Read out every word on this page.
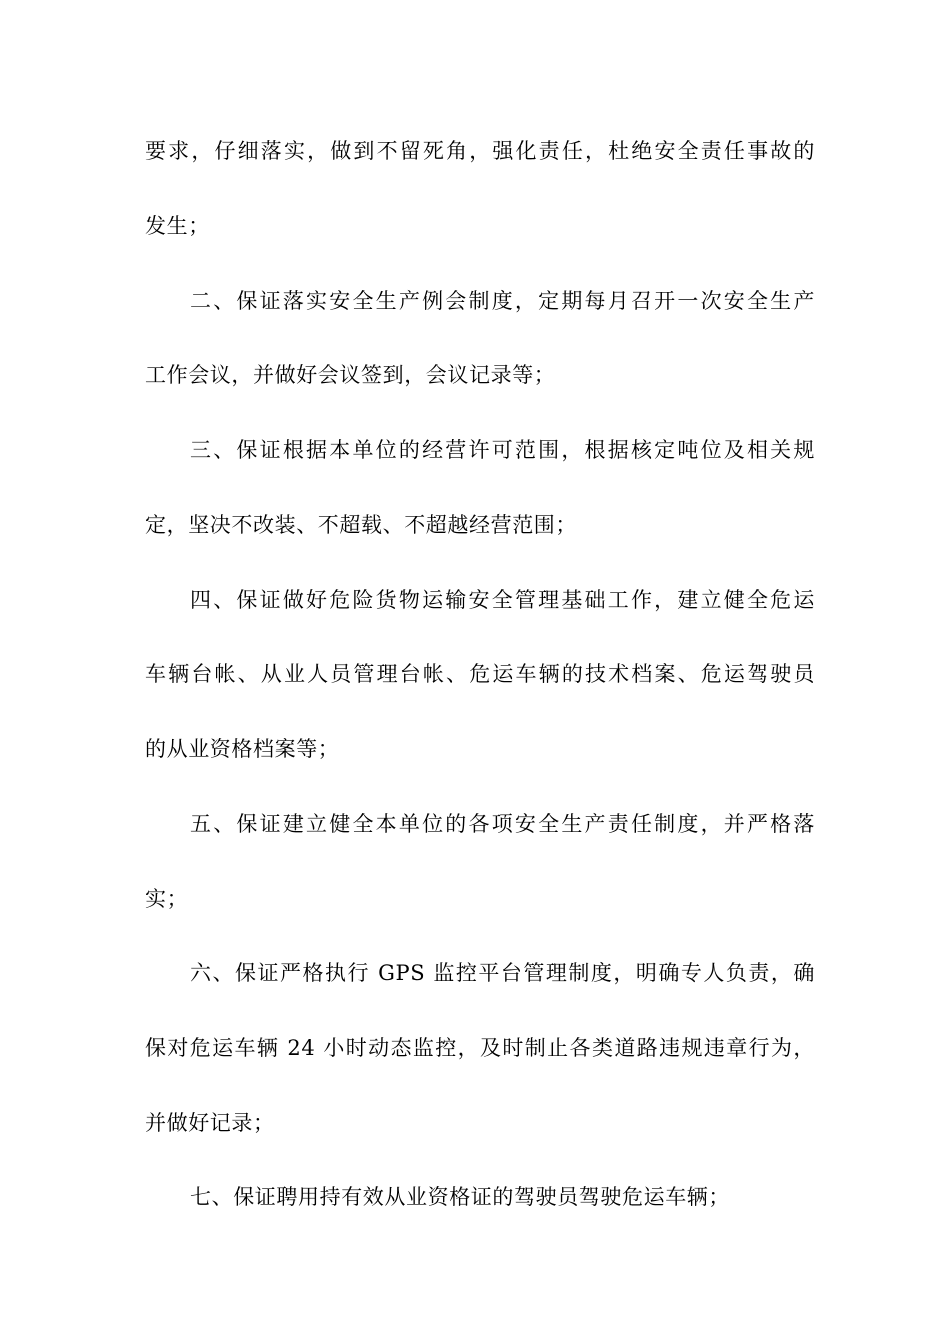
要求，仔细落实，做到不留死角，强化责任，杜绝安全责任事故的
发生；
二、保证落实安全生产例会制度，定期每月召开一次安全生产
工作会议，并做好会议签到，会议记录等；
三、保证根据本单位的经营许可范围，根据核定吨位及相关规
定，坚决不改装、不超载、不超越经营范围；
四、保证做好危险货物运输安全管理基础工作，建立健全危运
车辆台帐、从业人员管理台帐、危运车辆的技术档案、危运驾驶员
的从业资格档案等；
五、保证建立健全本单位的各项安全生产责任制度，并严格落
实；
六、保证严格执行 GPS 监控平台管理制度，明确专人负责，确
保对危运车辆 24 小时动态监控，及时制止各类道路违规违章行为，
并做好记录；
七、保证聘用持有效从业资格证的驾驶员驾驶危运车辆；
